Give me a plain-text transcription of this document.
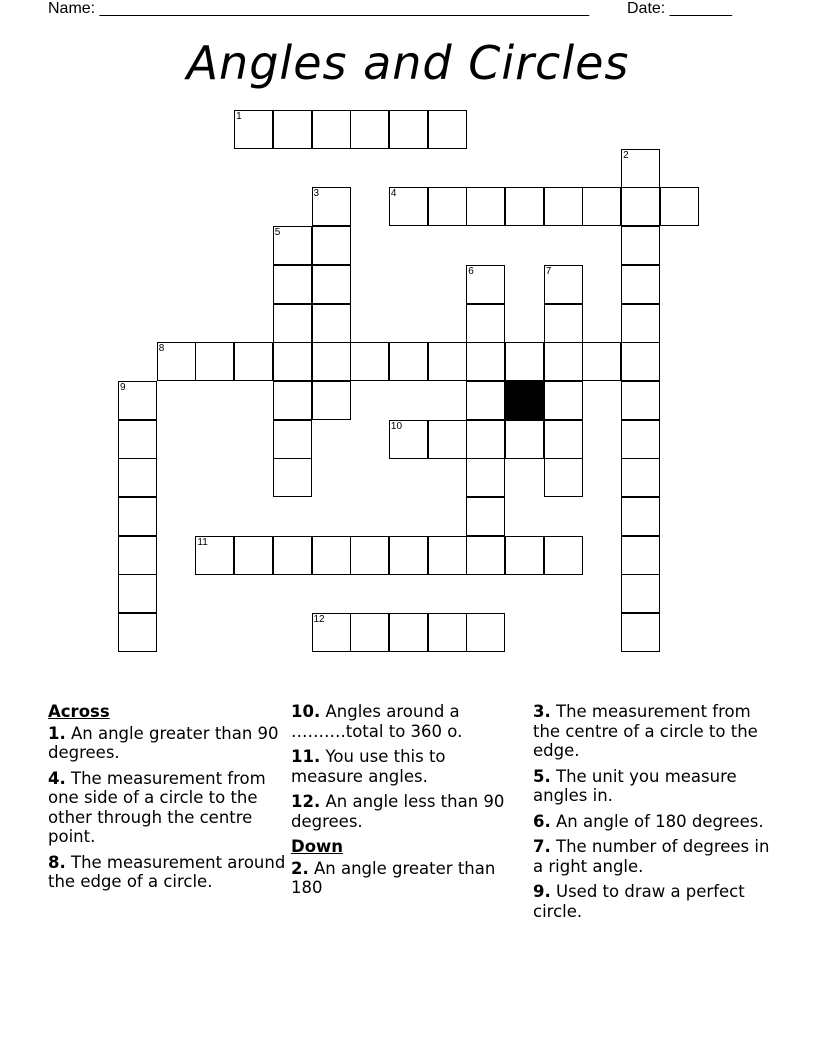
Name: _______________________________________________________ Date: _______
Angles and Circles
1
2
3	4
5
6	7
8
9
10
11
12
Across
1. An angle greater than 90 degrees.
4. The measurement from one side of a circle to the other through the centre point.
8. The measurement around the edge of a circle.
10. Angles around a ……….total to 360 o.
11. You use this to measure angles.
12. An angle less than 90 degrees.
Down
2. An angle greater than 180
3. The measurement from the centre of a circle to the edge.
5. The unit you measure angles in.
6. An angle of 180 degrees.
7. The number of degrees in a right angle.
9. Used to draw a perfect circle.
